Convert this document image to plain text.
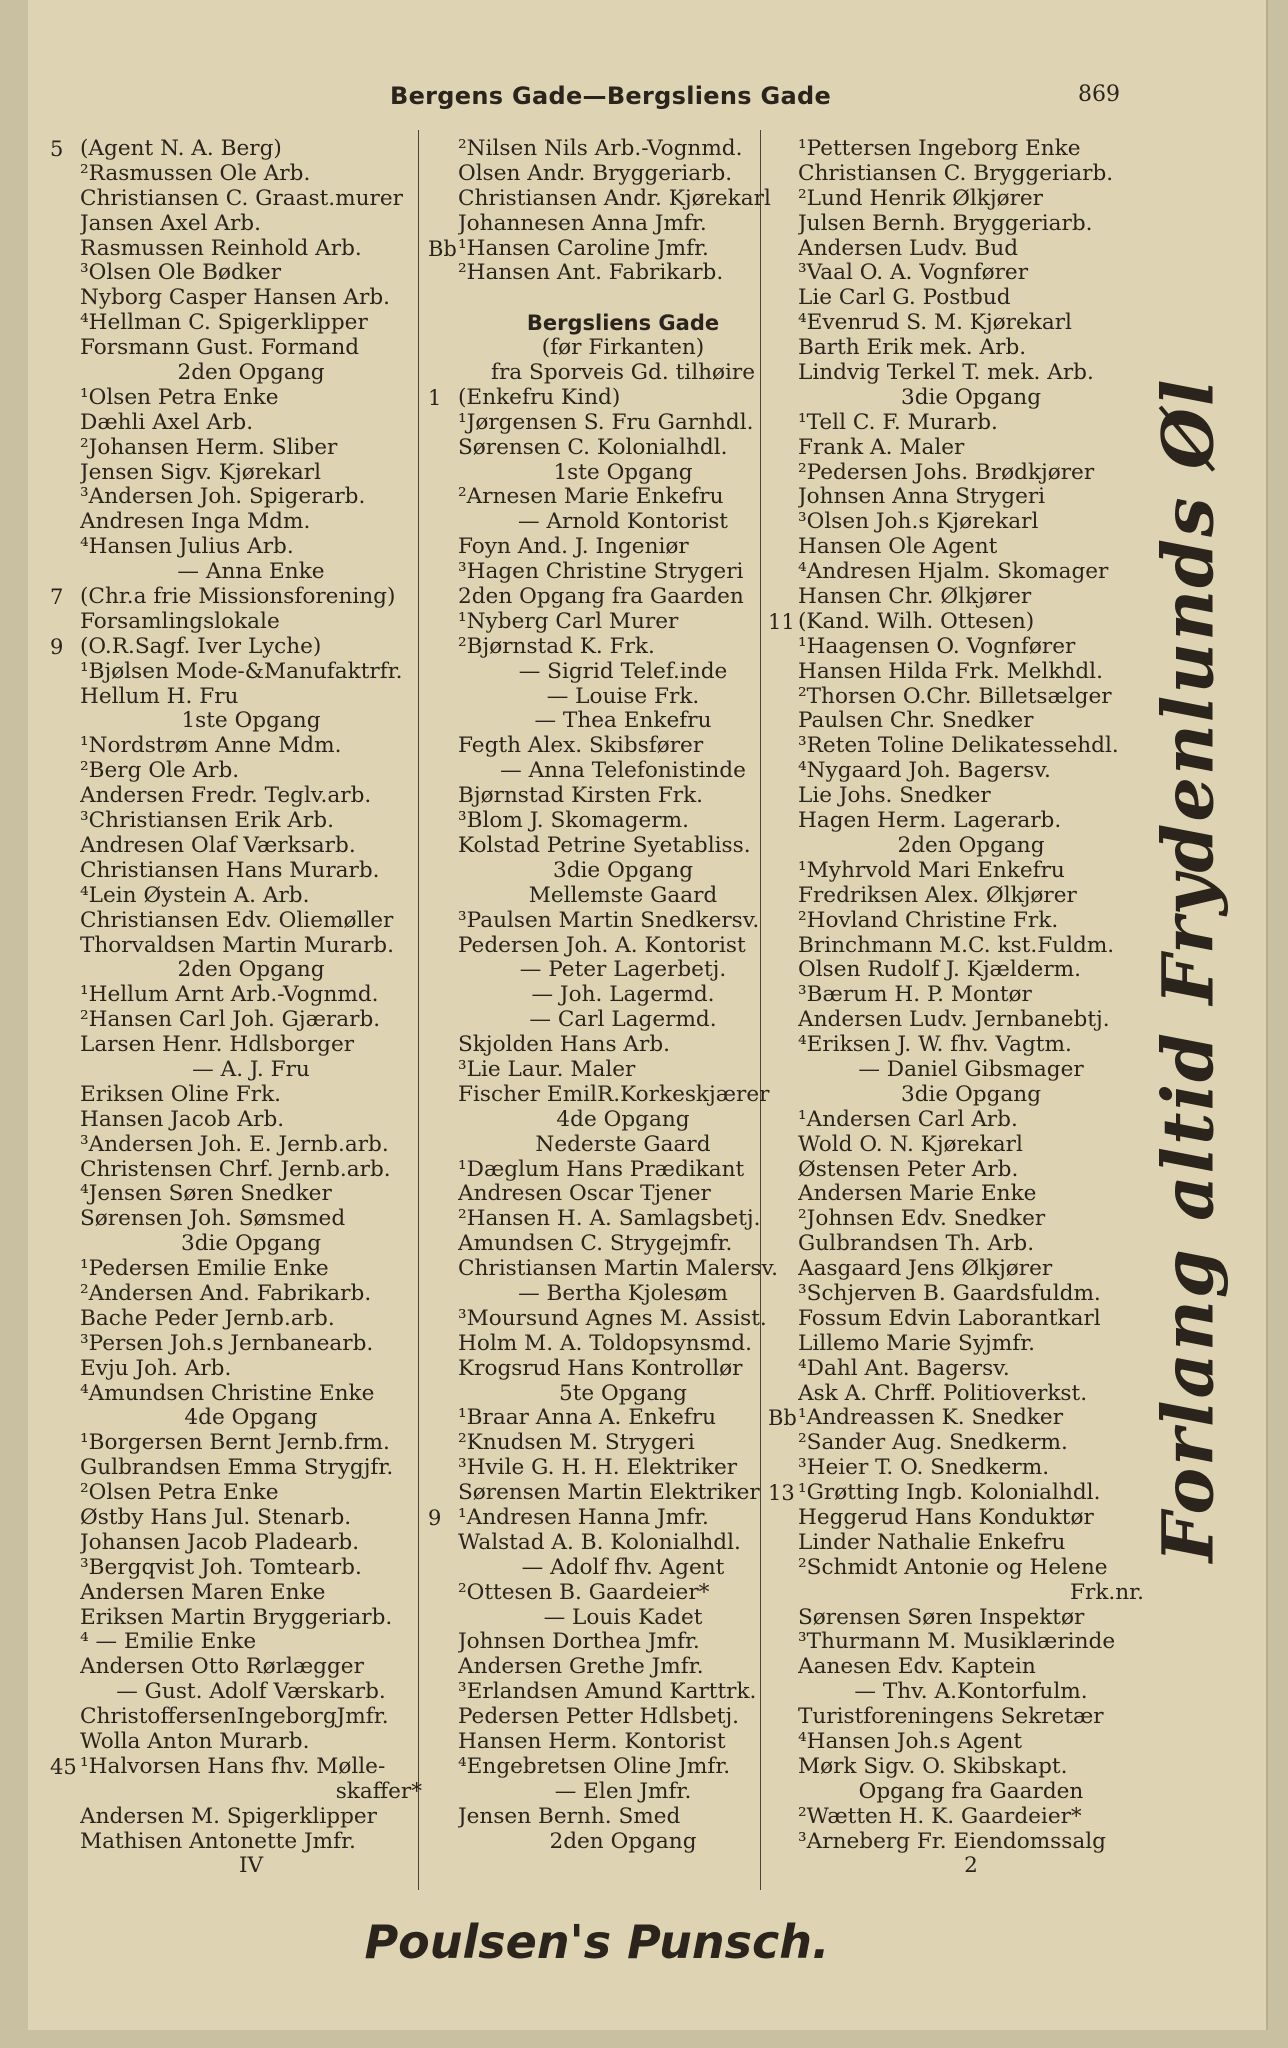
Bergens Gade—Bergsliens Gade	869
5 (Agent N. A. Berg)
²Rasmussen Ole Arb.
Christiansen C. Graast.murer
Jansen Axel Arb.
Rasmussen Reinhold Arb.
³Olsen Ole Bødker
Nyborg Casper Hansen Arb.
⁴Hellman C. Spigerklipper
Forsmann Gust. Formand
2den Opgang
¹Olsen Petra Enke
Dæhli Axel Arb.
²Johansen Herm. Sliber
Jensen Sigv. Kjørekarl
³Andersen Joh. Spigerarb.
Andresen Inga Mdm.
⁴Hansen Julius Arb.
— Anna Enke
7 (Chr.a frie Missionsforening)
Forsamlingslokale
9 (O.R.Sagf. Iver Lyche)
¹Bjølsen Mode-&Manufaktrfr.
Hellum H. Fru
1ste Opgang
¹Nordstrøm Anne Mdm.
²Berg Ole Arb.
Andersen Fredr. Teglv.arb.
³Christiansen Erik Arb.
Andresen Olaf Værksarb.
Christiansen Hans Murarb.
⁴Lein Øystein A. Arb.
Christiansen Edv. Oliemøller
Thorvaldsen Martin Murarb.
2den Opgang
¹Hellum Arnt Arb.-Vognmd.
²Hansen Carl Joh. Gjærarb.
Larsen Henr. Hdlsborger
— A. J. Fru
Eriksen Oline Frk.
Hansen Jacob Arb.
³Andersen Joh. E. Jernb.arb.
Christensen Chrf. Jernb.arb.
⁴Jensen Søren Snedker
Sørensen Joh. Sømsmed
3die Opgang
¹Pedersen Emilie Enke
²Andersen And. Fabrikarb.
Bache Peder Jernb.arb.
³Persen Joh.s Jernbanearb.
Evju Joh. Arb.
⁴Amundsen Christine Enke
4de Opgang
¹Borgersen Bernt Jernb.frm.
Gulbrandsen Emma Strygjfr.
²Olsen Petra Enke
Østby Hans Jul. Stenarb.
Johansen Jacob Pladearb.
³Bergqvist Joh. Tomtearb.
Andersen Maren Enke
Eriksen Martin Bryggeriarb.
⁴ — Emilie Enke
Andersen Otto Rørlægger
— Gust. Adolf Værskarb.
ChristoffersenIngeborgJmfr.
Wolla Anton Murarb.
45 ¹Halvorsen Hans fhv. Mølle-
skaffer*
Andersen M. Spigerklipper
Mathisen Antonette Jmfr.
IV
²Nilsen Nils Arb.-Vognmd.
Olsen Andr. Bryggeriarb.
Christiansen Andr. Kjørekarl
Johannesen Anna Jmfr.
Bb ¹Hansen Caroline Jmfr.
²Hansen Ant. Fabrikarb.
Bergsliens Gade
(før Firkanten)
fra Sporveis Gd. tilhøire
1 (Enkefru Kind)
¹Jørgensen S. Fru Garnhdl.
Sørensen C. Kolonialhdl.
1ste Opgang
²Arnesen Marie Enkefru
— Arnold Kontorist
Foyn And. J. Ingeniør
³Hagen Christine Strygeri
2den Opgang fra Gaarden
¹Nyberg Carl Murer
²Bjørnstad K. Frk.
— Sigrid Telef.inde
— Louise Frk.
— Thea Enkefru
Fegth Alex. Skibsfører
— Anna Telefonistinde
Bjørnstad Kirsten Frk.
³Blom J. Skomagerm.
Kolstad Petrine Syetabliss.
3die Opgang
Mellemste Gaard
³Paulsen Martin Snedkersv.
Pedersen Joh. A. Kontorist
— Peter Lagerbetj.
— Joh. Lagermd.
— Carl Lagermd.
Skjolden Hans Arb.
³Lie Laur. Maler
Fischer EmilR.Korkeskjærer
4de Opgang
Nederste Gaard
¹Dæglum Hans Prædikant
Andresen Oscar Tjener
²Hansen H. A. Samlagsbetj.
Amundsen C. Strygejmfr.
Christiansen Martin Malersv.
— Bertha Kjolesøm
³Moursund Agnes M. Assist.
Holm M. A. Toldopsynsmd.
Krogsrud Hans Kontrollør
5te Opgang
¹Braar Anna A. Enkefru
²Knudsen M. Strygeri
³Hvile G. H. H. Elektriker
Sørensen Martin Elektriker
9 ¹Andresen Hanna Jmfr.
Walstad A. B. Kolonialhdl.
— Adolf fhv. Agent
²Ottesen B. Gaardeier*
— Louis Kadet
Johnsen Dorthea Jmfr.
Andersen Grethe Jmfr.
³Erlandsen Amund Karttrk.
Pedersen Petter Hdlsbetj.
Hansen Herm. Kontorist
⁴Engebretsen Oline Jmfr.
— Elen Jmfr.
Jensen Bernh. Smed
2den Opgang
¹Pettersen Ingeborg Enke
Christiansen C. Bryggeriarb.
²Lund Henrik Ølkjører
Julsen Bernh. Bryggeriarb.
Andersen Ludv. Bud
³Vaal O. A. Vognfører
Lie Carl G. Postbud
⁴Evenrud S. M. Kjørekarl
Barth Erik mek. Arb.
Lindvig Terkel T. mek. Arb.
3die Opgang
¹Tell C. F. Murarb.
Frank A. Maler
²Pedersen Johs. Brødkjører
Johnsen Anna Strygeri
³Olsen Joh.s Kjørekarl
Hansen Ole Agent
⁴Andresen Hjalm. Skomager
Hansen Chr. Ølkjører
11 (Kand. Wilh. Ottesen)
¹Haagensen O. Vognfører
Hansen Hilda Frk. Melkhdl.
²Thorsen O.Chr. Billetsælger
Paulsen Chr. Snedker
³Reten Toline Delikatessehdl.
⁴Nygaard Joh. Bagersv.
Lie Johs. Snedker
Hagen Herm. Lagerarb.
2den Opgang
¹Myhrvold Mari Enkefru
Fredriksen Alex. Ølkjører
²Hovland Christine Frk.
Brinchmann M.C. kst.Fuldm.
Olsen Rudolf J. Kjælderm.
³Bærum H. P. Montør
Andersen Ludv. Jernbanebtj.
⁴Eriksen J. W. fhv. Vagtm.
— Daniel Gibsmager
3die Opgang
¹Andersen Carl Arb.
Wold O. N. Kjørekarl
Østensen Peter Arb.
Andersen Marie Enke
²Johnsen Edv. Snedker
Gulbrandsen Th. Arb.
Aasgaard Jens Ølkjører
³Schjerven B. Gaardsfuldm.
Fossum Edvin Laborantkarl
Lillemo Marie Syjmfr.
⁴Dahl Ant. Bagersv.
Ask A. Chrff. Politioverkst.
Bb ¹Andreassen K. Snedker
²Sander Aug. Snedkerm.
³Heier T. O. Snedkerm.
13 ¹Grøtting Ingb. Kolonialhdl.
Heggerud Hans Konduktør
Linder Nathalie Enkefru
²Schmidt Antonie og Helene
Frk.nr.
Sørensen Søren Inspektør
³Thurmann M. Musiklærinde
Aanesen Edv. Kaptein
— Thv. A.Kontorfulm.
Turistforeningens Sekretær
⁴Hansen Joh.s Agent
Mørk Sigv. O. Skibskapt.
Opgang fra Gaarden
²Wætten H. K. Gaardeier*
³Arneberg Fr. Eiendomssalg
2
Forlang altid Frydenlunds Øl
Poulsen's Punsch.
